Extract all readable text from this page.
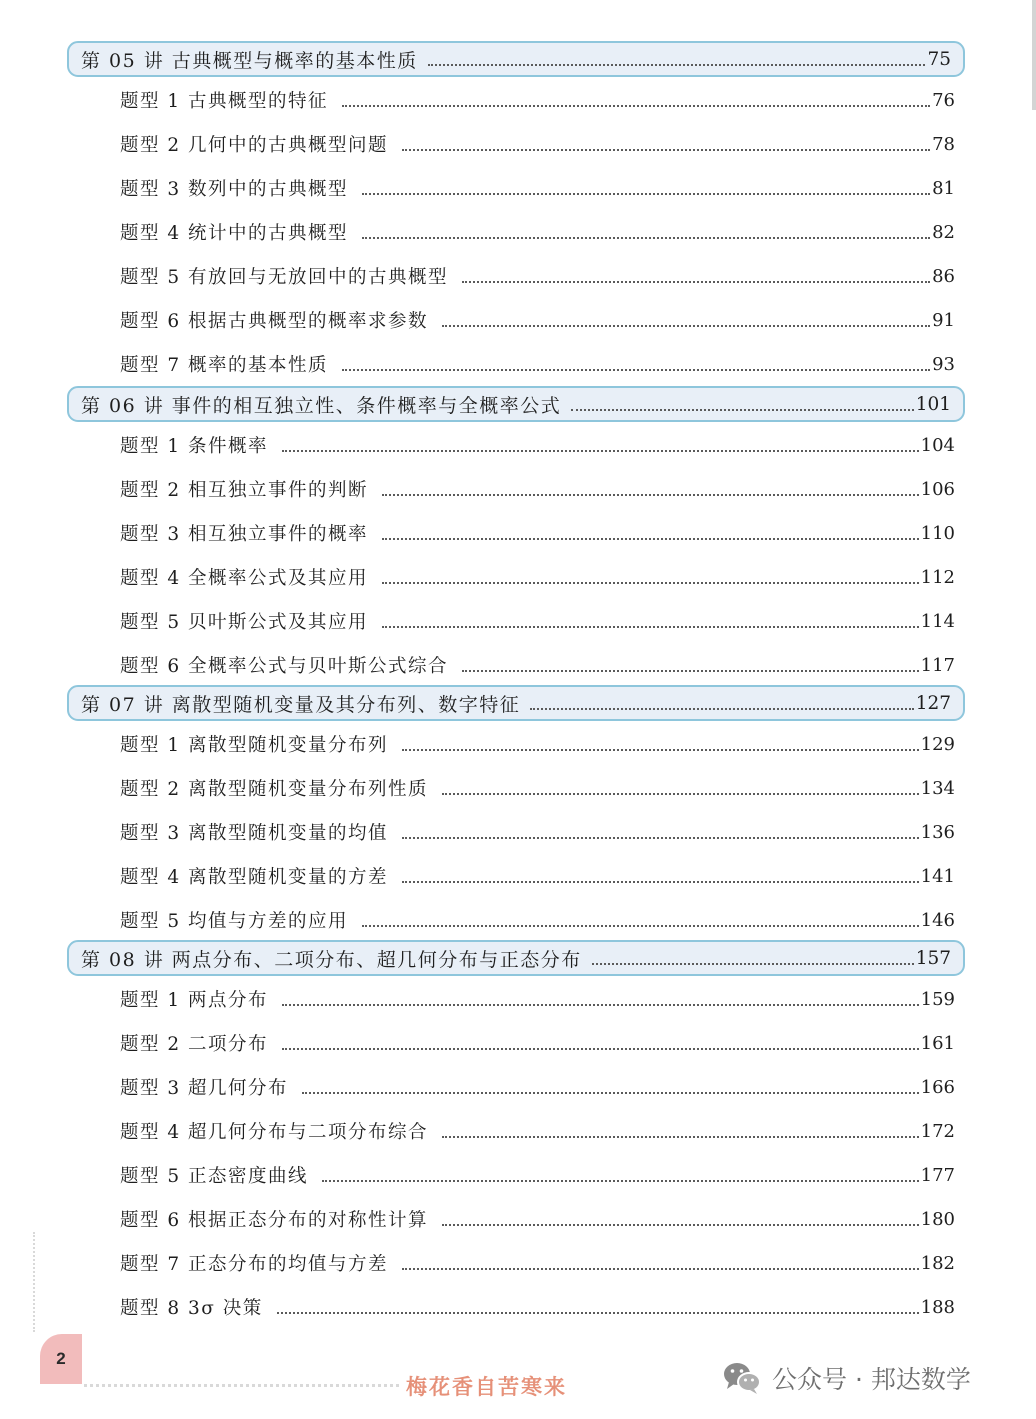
第 05 讲 古典概型与概率的基本性质	75
题型 1 古典概型的特征	76
题型 2 几何中的古典概型问题	78
题型 3 数列中的古典概型	81
题型 4 统计中的古典概型	82
题型 5 有放回与无放回中的古典概型	86
题型 6 根据古典概型的概率求参数	91
题型 7 概率的基本性质	93
第 06 讲 事件的相互独立性、条件概率与全概率公式	101
题型 1 条件概率	104
题型 2 相互独立事件的判断	106
题型 3 相互独立事件的概率	110
题型 4 全概率公式及其应用	112
题型 5 贝叶斯公式及其应用	114
题型 6 全概率公式与贝叶斯公式综合	117
第 07 讲 离散型随机变量及其分布列、数字特征	127
题型 1 离散型随机变量分布列	129
题型 2 离散型随机变量分布列性质	134
题型 3 离散型随机变量的均值	136
题型 4 离散型随机变量的方差	141
题型 5 均值与方差的应用	146
第 08 讲 两点分布、二项分布、超几何分布与正态分布	157
题型 1 两点分布	159
题型 2 二项分布	161
题型 3 超几何分布	166
题型 4 超几何分布与二项分布综合	172
题型 5 正态密度曲线	177
题型 6 根据正态分布的对称性计算	180
题型 7 正态分布的均值与方差	182
题型 8 3σ 决策	188
2
梅花香自苦寒来	公众号 · 邦达数学
